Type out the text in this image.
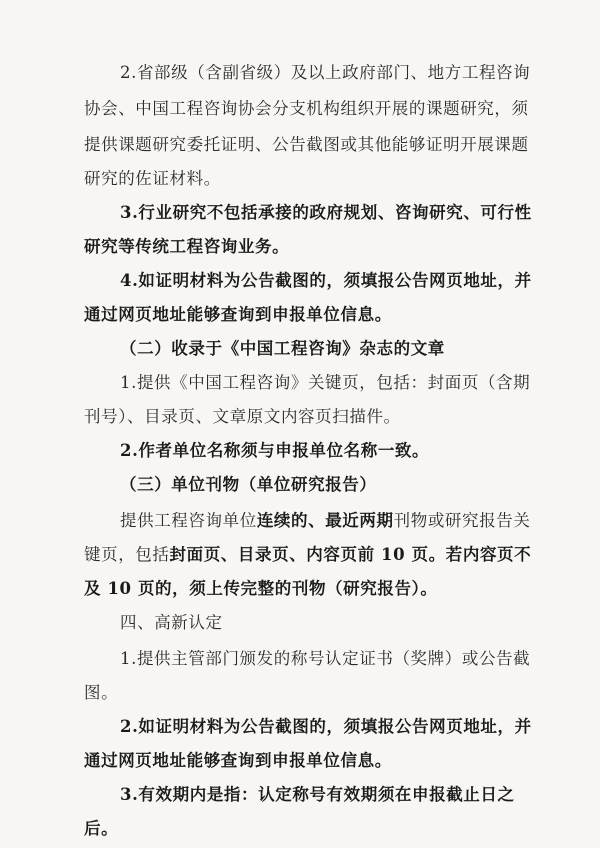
2.省部级（含副省级）及以上政府部门、地方工程咨询
协会、中国工程咨询协会分支机构组织开展的课题研究，须
提供课题研究委托证明、公告截图或其他能够证明开展课题
研究的佐证材料。
3.行业研究不包括承接的政府规划、咨询研究、可行性
研究等传统工程咨询业务。
4.如证明材料为公告截图的，须填报公告网页地址，并
通过网页地址能够查询到申报单位信息。
（二）收录于《中国工程咨询》杂志的文章
1.提供《中国工程咨询》关键页，包括：封面页（含期
刊号）、目录页、文章原文内容页扫描件。
2.作者单位名称须与申报单位名称一致。
（三）单位刊物（单位研究报告）
提供工程咨询单位连续的、最近两期刊物或研究报告关
键页，包括封面页、目录页、内容页前 10 页。若内容页不
及 10 页的，须上传完整的刊物（研究报告）。
四、高新认定
1.提供主管部门颁发的称号认定证书（奖牌）或公告截
图。
2.如证明材料为公告截图的，须填报公告网页地址，并
通过网页地址能够查询到申报单位信息。
3.有效期内是指：认定称号有效期须在申报截止日之
后。
